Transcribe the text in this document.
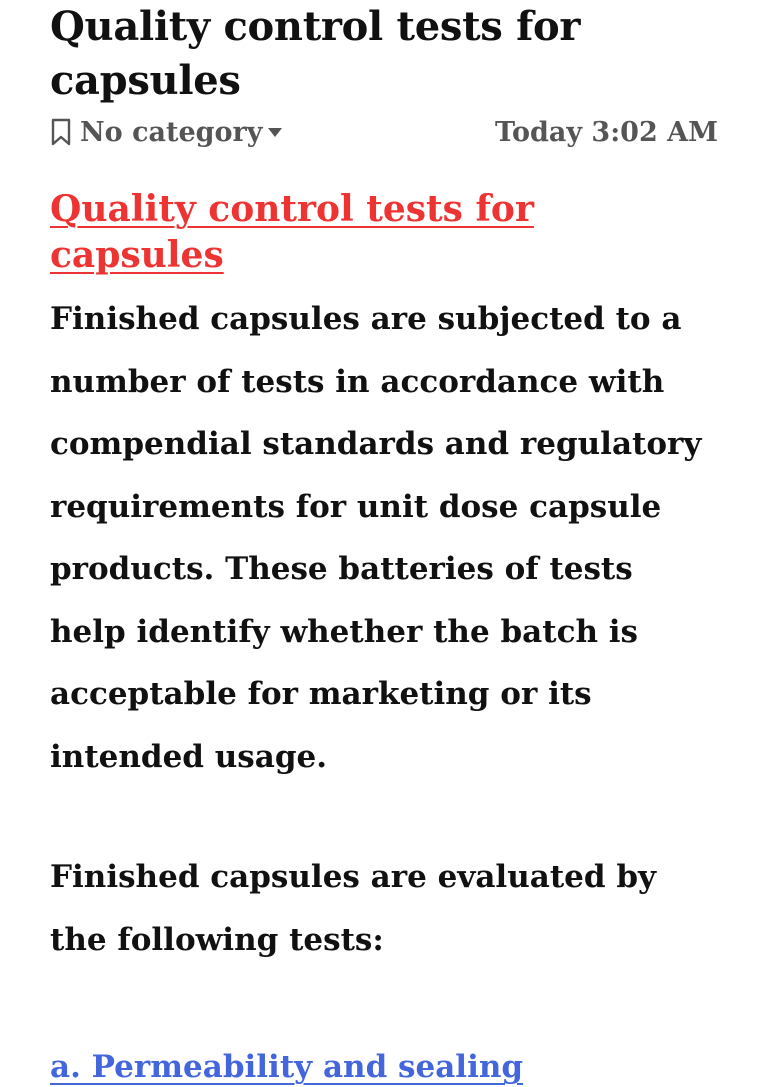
Quality control tests for capsules
No category	Today 3:02 AM
Quality control tests for capsules

Finished capsules are subjected to a number of tests in accordance with compendial standards and regulatory requirements for unit dose capsule products. These batteries of tests help identify whether the batch is acceptable for marketing or its intended usage.

Finished capsules are evaluated by the following tests:

a. Permeability and sealing
